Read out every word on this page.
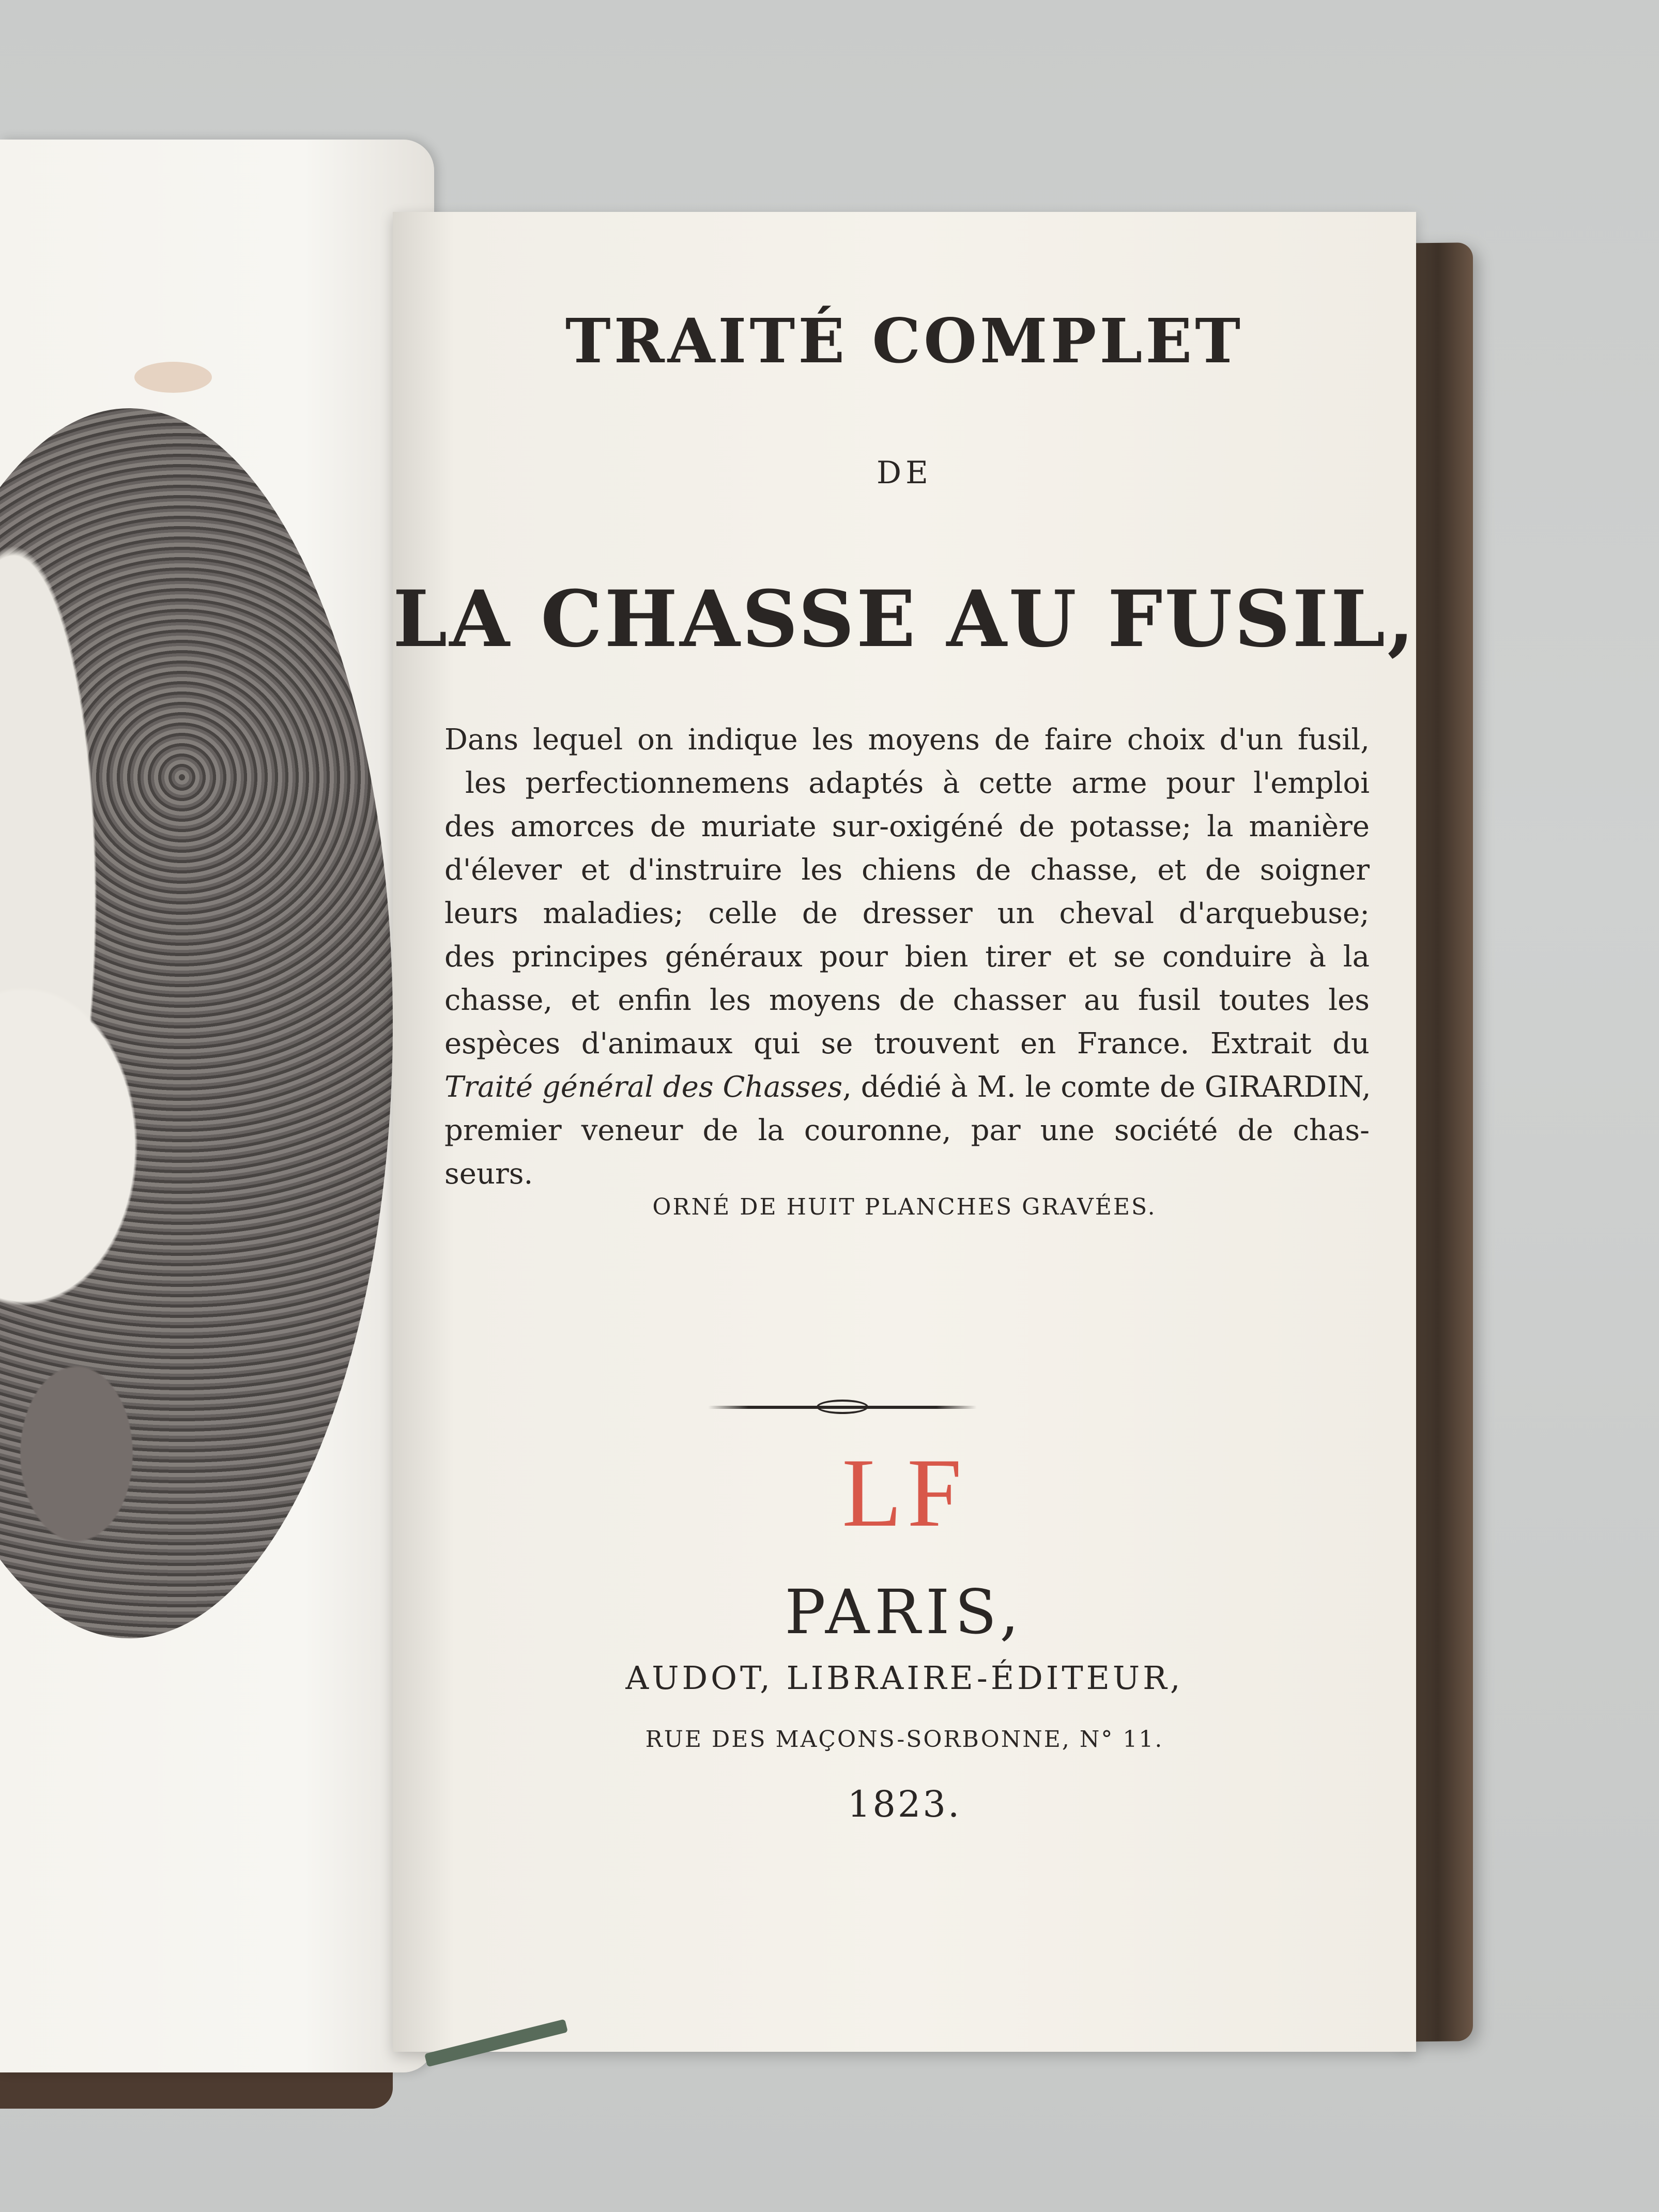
TRAITÉ COMPLET
DE
LA CHASSE AU FUSIL,
Dans lequel on indique les moyens de faire choix d'un fusil,
les perfectionnemens adaptés à cette arme pour l'emploi
des amorces de muriate sur-oxigéné de potasse; la manière
d'élever et d'instruire les chiens de chasse, et de soigner
leurs maladies; celle de dresser un cheval d'arquebuse;
des principes généraux pour bien tirer et se conduire à la
chasse, et enfin les moyens de chasser au fusil toutes les
espèces d'animaux qui se trouvent en France. Extrait du
Traité général des Chasses, dédié à M. le comte de GIRARDIN,
premier veneur de la couronne, par une société de chas-
seurs.
ORNÉ DE HUIT PLANCHES GRAVÉES.
LF
PARIS,
AUDOT, LIBRAIRE-ÉDITEUR,
RUE DES MAÇONS-SORBONNE, N° 11.
1823.
